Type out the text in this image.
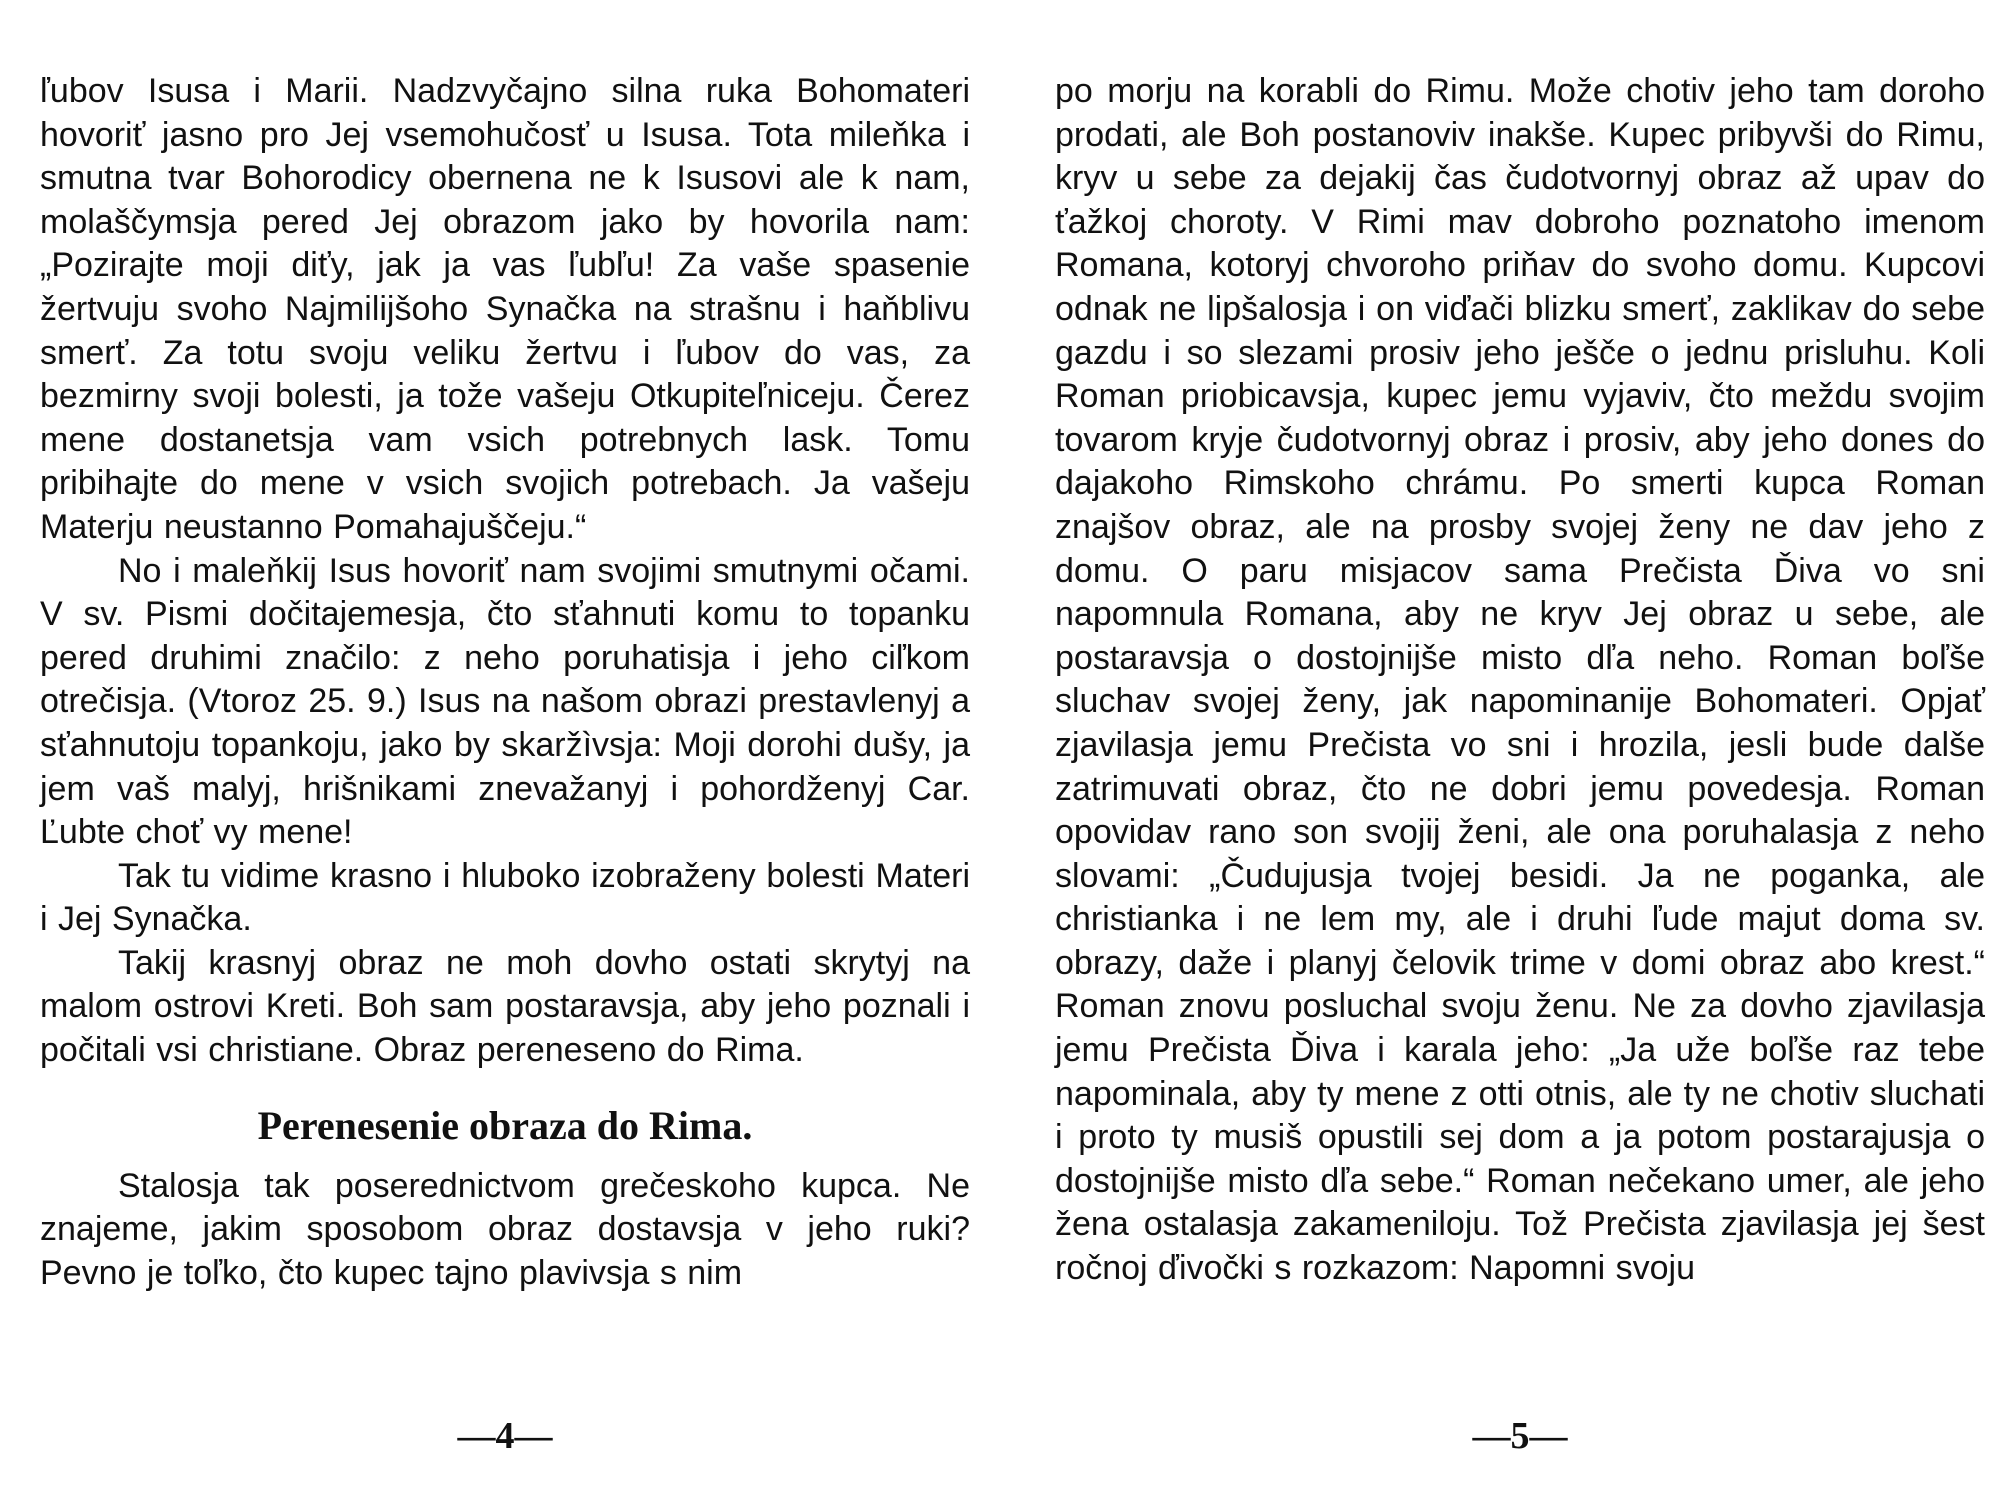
ľubov Isusa i Marii. Nadzvyčajno silna ruka Bohomateri hovoriť jasno pro Jej vsemohučosť u Isusa. Tota mileňka i smutna tvar Bohorodicy obernena ne k Isusovi ale k nam, molaščymsja pered Jej obrazom jako by hovorila nam: „Pozirajte moji diťy, jak ja vas ľubľu! Za vaše spasenie žertvuju svoho Najmilijšoho Synačka na strašnu i haňblivu smerť. Za totu svoju veliku žertvu i ľubov do vas, za bezmirny svoji bolesti, ja tože vašeju Otkupiteľniceju. Čerez mene dostanetsja vam vsich potrebnych lask. Tomu pribihajte do mene v vsich svojich potrebach. Ja vašeju Materju neustanno Pomahajuščeju.“

No i maleňkij Isus hovoriť nam svojimi smutnymi očami. V sv. Pismi dočitajemesja, čto sťahnuti komu to topanku pered druhimi značilo: z neho poruhatisja i jeho ciľkom otrečisja. (Vtoroz 25. 9.) Isus na našom obrazi prestavlenyj a sťahnutoju topankoju, jako by skaržìvsja: Moji dorohi dušy, ja jem vaš malyj, hrišnikami znevažanyj i pohordženyj Car. Ľubte choť vy mene!

Tak tu vidime krasno i hluboko izobraženy bolesti Materi i Jej Synačka.

Takij krasnyj obraz ne moh dovho ostati skrytyj na malom ostrovi Kreti. Boh sam postaravsja, aby jeho poznali i počitali vsi christiane. Obraz pereneseno do Rima.

Perenesenie obraza do Rima.

Stalosja tak poserednictvom grečeskoho kupca. Ne znajeme, jakim sposobom obraz dostavsja v jeho ruki? Pevno je toľko, čto kupec tajno plavivsja s nim

—4—

po morju na korabli do Rimu. Može chotiv jeho tam doroho prodati, ale Boh postanoviv inakše. Kupec pribyvši do Rimu, kryv u sebe za dejakij čas čudotvornyj obraz až upav do ťažkoj choroty. V Rimi mav dobroho poznatoho imenom Romana, kotoryj chvoroho priňav do svoho domu. Kupcovi odnak ne lipšalosja i on viďači blizku smerť, zaklikav do sebe gazdu i so slezami prosiv jeho ješče o jednu prisluhu. Koli Roman priobicavsja, kupec jemu vyjaviv, čto meždu svojim tovarom kryje čudotvornyj obraz i prosiv, aby jeho dones do dajakoho Rimskoho chrámu. Po smerti kupca Roman znajšov obraz, ale na prosby svojej ženy ne dav jeho z domu. O paru misjacov sama Prečista Ďiva vo sni napomnula Romana, aby ne kryv Jej obraz u sebe, ale postaravsja o dostojnijše misto dľa neho. Roman boľše sluchav svojej ženy, jak napominanije Bohomateri. Opjať zjavilasja jemu Prečista vo sni i hrozila, jesli bude dalše zatrimuvati obraz, čto ne dobri jemu povedesja. Roman opovidav rano son svojij ženi, ale ona poruhalasja z neho slovami: „Čudujusja tvojej besidi. Ja ne poganka, ale christianka i ne lem my, ale i druhi ľude majut doma sv. obrazy, daže i planyj čelovik trime v domi obraz abo krest.“ Roman znovu posluchal svoju ženu. Ne za dovho zjavilasja jemu Prečista Ďiva i karala jeho: „Ja uže boľše raz tebe napominala, aby ty mene z otti otnis, ale ty ne chotiv sluchati i proto ty musiš opustili sej dom a ja potom postarajusja o dostojnijše misto dľa sebe.“ Roman nečekano umer, ale jeho žena ostalasja zakameniloju. Tož Prečista zjavilasja jej šest ročnoj ďivočki s rozkazom: Napomni svoju

—5—
